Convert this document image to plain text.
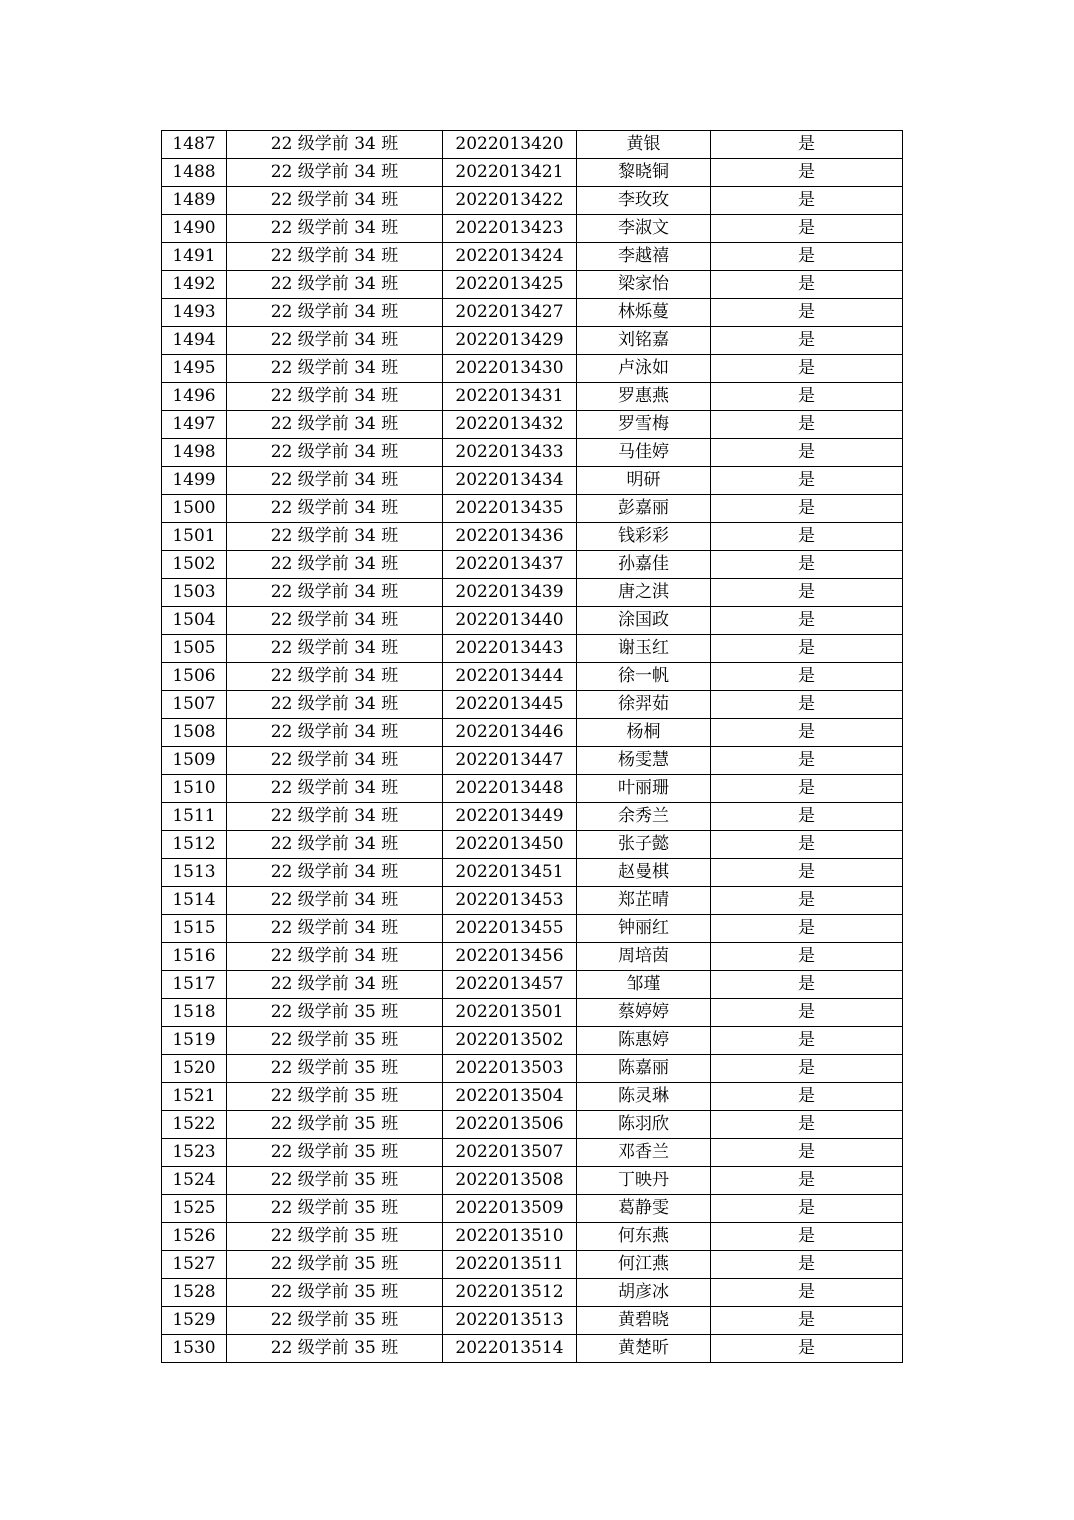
1487	22 级学前 34 班	2022013420	黄银	是
1488	22 级学前 34 班	2022013421	黎晓铜	是
1489	22 级学前 34 班	2022013422	李玫玫	是
1490	22 级学前 34 班	2022013423	李淑文	是
1491	22 级学前 34 班	2022013424	李越禧	是
1492	22 级学前 34 班	2022013425	梁家怡	是
1493	22 级学前 34 班	2022013427	林烁蔓	是
1494	22 级学前 34 班	2022013429	刘铭嘉	是
1495	22 级学前 34 班	2022013430	卢泳如	是
1496	22 级学前 34 班	2022013431	罗惠燕	是
1497	22 级学前 34 班	2022013432	罗雪梅	是
1498	22 级学前 34 班	2022013433	马佳婷	是
1499	22 级学前 34 班	2022013434	明研	是
1500	22 级学前 34 班	2022013435	彭嘉丽	是
1501	22 级学前 34 班	2022013436	钱彩彩	是
1502	22 级学前 34 班	2022013437	孙嘉佳	是
1503	22 级学前 34 班	2022013439	唐之淇	是
1504	22 级学前 34 班	2022013440	涂国政	是
1505	22 级学前 34 班	2022013443	谢玉红	是
1506	22 级学前 34 班	2022013444	徐一帆	是
1507	22 级学前 34 班	2022013445	徐羿茹	是
1508	22 级学前 34 班	2022013446	杨桐	是
1509	22 级学前 34 班	2022013447	杨雯慧	是
1510	22 级学前 34 班	2022013448	叶丽珊	是
1511	22 级学前 34 班	2022013449	余秀兰	是
1512	22 级学前 34 班	2022013450	张子懿	是
1513	22 级学前 34 班	2022013451	赵曼棋	是
1514	22 级学前 34 班	2022013453	郑芷晴	是
1515	22 级学前 34 班	2022013455	钟丽红	是
1516	22 级学前 34 班	2022013456	周培茵	是
1517	22 级学前 34 班	2022013457	邹瑾	是
1518	22 级学前 35 班	2022013501	蔡婷婷	是
1519	22 级学前 35 班	2022013502	陈惠婷	是
1520	22 级学前 35 班	2022013503	陈嘉丽	是
1521	22 级学前 35 班	2022013504	陈灵琳	是
1522	22 级学前 35 班	2022013506	陈羽欣	是
1523	22 级学前 35 班	2022013507	邓香兰	是
1524	22 级学前 35 班	2022013508	丁映丹	是
1525	22 级学前 35 班	2022013509	葛静雯	是
1526	22 级学前 35 班	2022013510	何东燕	是
1527	22 级学前 35 班	2022013511	何江燕	是
1528	22 级学前 35 班	2022013512	胡彦冰	是
1529	22 级学前 35 班	2022013513	黄碧晓	是
1530	22 级学前 35 班	2022013514	黄楚昕	是
